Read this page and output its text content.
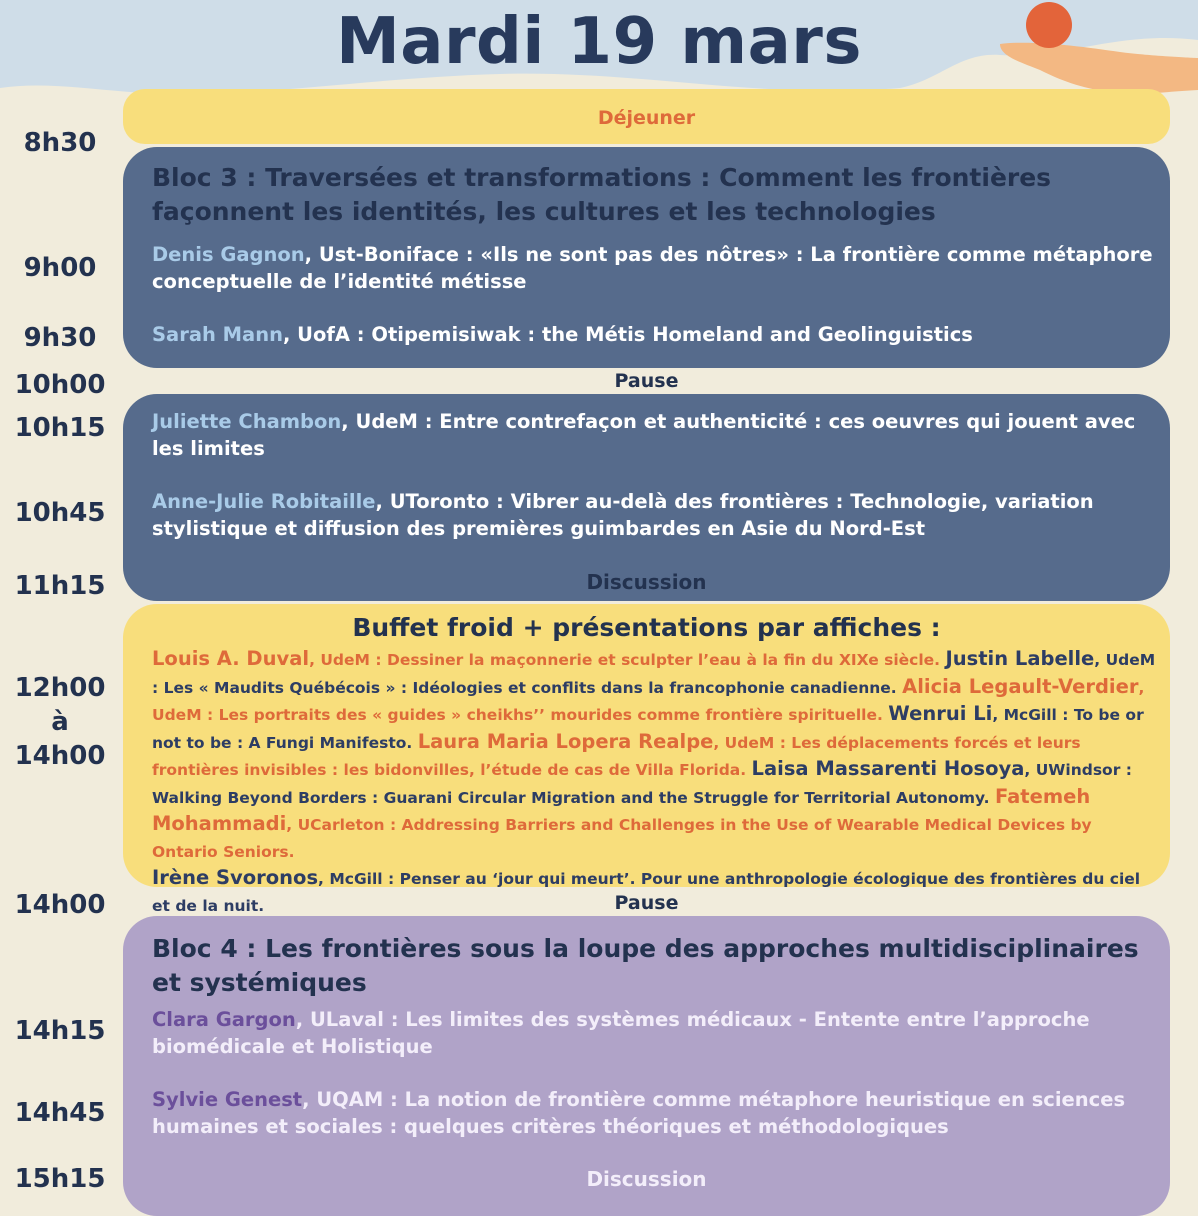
Mardi 19 mars
8h30
9h00
9h30
10h00
10h15
10h45
11h15
12h00
à
14h00
14h00
14h15
14h45
15h15
Déjeuner
Bloc 3 : Traversées et transformations : Comment les frontières façonnent les identités, les cultures et les technologies
Denis Gagnon, Ust-Boniface : «Ils ne sont pas des nôtres» : La frontière comme métaphore conceptuelle de l’identité métisse
Sarah Mann, UofA : Otipemisiwak : the Métis Homeland and Geolinguistics
Pause
Juliette Chambon, UdeM : Entre contrefaçon et authenticité : ces oeuvres qui jouent avec les limites
Anne-Julie Robitaille, UToronto : Vibrer au-delà des frontières : Technologie, variation stylistique et diffusion des premières guimbardes en Asie du Nord-Est
Discussion
Buffet froid + présentations par affiches :
Louis A. Duval, UdeM : Dessiner la maçonnerie et sculpter l’eau à la fin du XIXe siècle. Justin Labelle, UdeM : Les « Maudits Québécois » : Idéologies et conflits dans la francophonie canadienne. Alicia Legault-Verdier, UdeM : Les portraits des « guides » cheikhs’’ mourides comme frontière spirituelle. Wenrui Li, McGill : To be or not to be : A Fungi Manifesto. Laura Maria Lopera Realpe, UdeM : Les déplacements forcés et leurs frontières invisibles : les bidonvilles, l’étude de cas de Villa Florida. Laisa Massarenti Hosoya, UWindsor : Walking Beyond Borders : Guarani Circular Migration and the Struggle for Territorial Autonomy. Fatemeh Mohammadi, UCarleton : Addressing Barriers and Challenges in the Use of Wearable Medical Devices by Ontario Seniors.
Irène Svoronos, McGill : Penser au ‘jour qui meurt’. Pour une anthropologie écologique des frontières du ciel et de la nuit.	Pause
Bloc 4 : Les frontières sous la loupe des approches multidisciplinaires et systémiques
Clara Gargon, ULaval : Les limites des systèmes médicaux - Entente entre l’approche biomédicale et Holistique
Sylvie Genest, UQAM : La notion de frontière comme métaphore heuristique en sciences humaines et sociales : quelques critères théoriques et méthodologiques
Discussion
